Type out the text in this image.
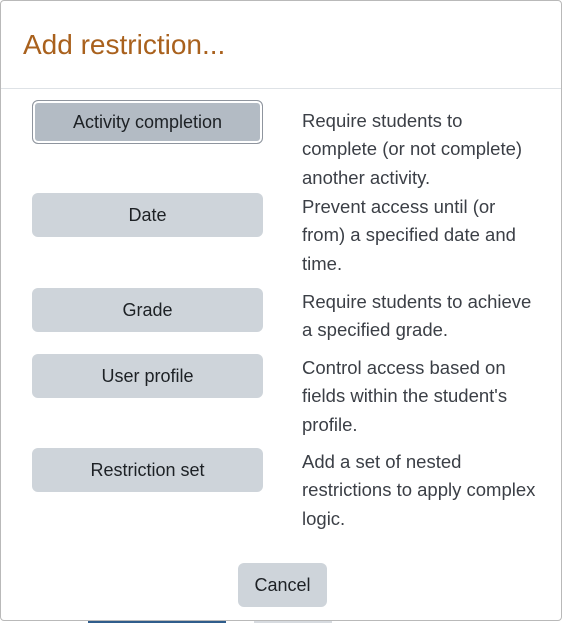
Add restriction...
Activity completion	Require students to complete (or not complete) another activity.
Date	Prevent access until (or from) a specified date and time.
Grade	Require students to achieve a specified grade.
User profile	Control access based on fields within the student's profile.
Restriction set	Add a set of nested restrictions to apply complex logic.
Cancel
